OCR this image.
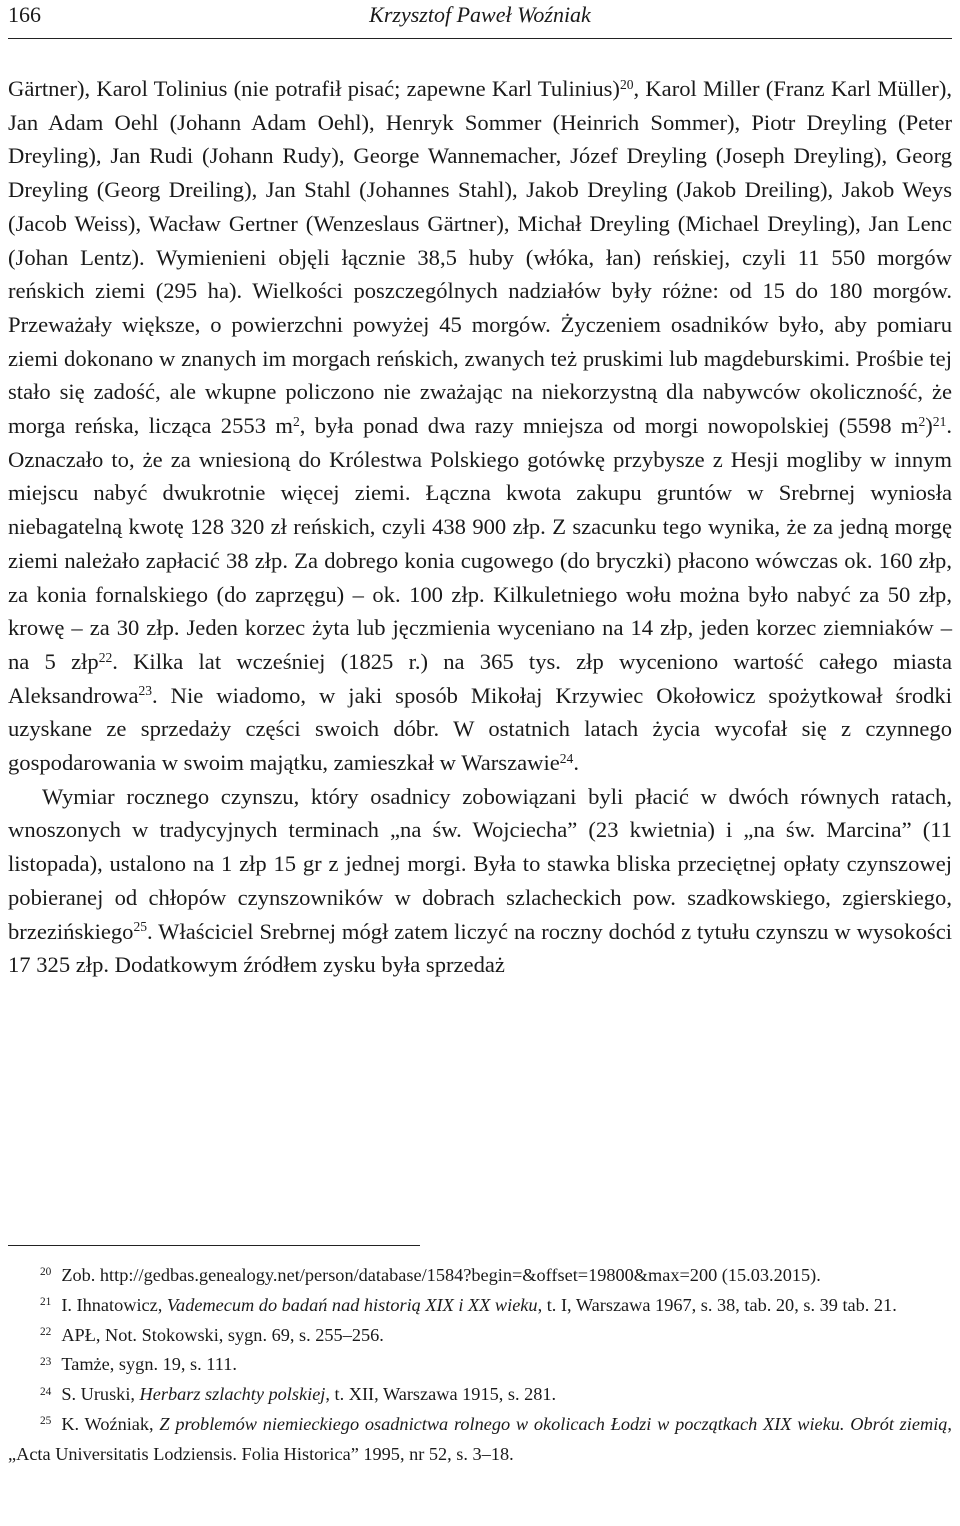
166	Krzysztof Paweł Woźniak

Gärtner), Karol Tolinius (nie potrafił pisać; zapewne Karl Tulinius)$^{20}$, Karol Miller (Franz Karl Müller), Jan Adam Oehl (Johann Adam Oehl), Henryk Sommer (Heinrich Sommer), Piotr Dreyling (Peter Dreyling), Jan Rudi (Johann Rudy), George Wannemacher, Józef Dreyling (Joseph Dreyling), Georg Dreyling (Georg Dreiling), Jan Stahl (Johannes Stahl), Jakob Dreyling (Jakob Dreiling), Jakob Weys (Jacob Weiss), Wacław Gertner (Wenzeslaus Gärtner), Michał Dreyling (Michael Dreyling), Jan Lenc (Johan Lentz). Wymienieni objęli łącznie 38,5 huby (włóka, łan) reńskiej, czyli 11 550 morgów reńskich ziemi (295 ha). Wielkości poszczególnych nadziałów były różne: od 15 do 180 morgów. Przeważały większe, o powierzchni powyżej 45 morgów. Życzeniem osadników było, aby pomiaru ziemi dokonano w znanych im morgach reńskich, zwanych też pruskimi lub magdeburskimi. Prośbie tej stało się zadość, ale wkupne policzono nie zważając na niekorzystną dla nabywców okoliczność, że morga reńska, licząca 2553 $m^2$, była ponad dwa razy mniejsza od morgi nowopolskiej (5598 $m^2)^{21}$. Oznaczało to, że za wniesioną do Królestwa Polskiego gotówkę przybysze z Hesji mogliby w innym miejscu nabyć dwukrotnie więcej ziemi. Łączna kwota zakupu gruntów w Srebrnej wyniosła niebagatelną kwotę 128 320 zł reńskich, czyli 438 900 złp. Z szacunku tego wynika, że za jedną morgę ziemi należało zapłacić 38 złp. Za dobrego konia cugowego (do bryczki) płacono wówczas ok. 160 złp, za konia fornalskiego (do zaprzęgu) – ok. 100 złp. Kilkuletniego wołu można było nabyć za 50 złp, krowę – za 30 złp. Jeden korzec żyta lub jęczmienia wyceniano na 14 złp, jeden korzec ziemniaków – na 5 złp$^{22}$. Kilka lat wcześniej (1825 r.) na 365 tys. złp wyceniono wartość całego miasta Aleksandrowa$^{23}$. Nie wiadomo, w jaki sposób Mikołaj Krzywiec Okołowicz spożytkował środki uzyskane ze sprzedaży części swoich dóbr. W ostatnich latach życia wycofał się z czynnego gospodarowania w swoim majątku, zamieszkał w Warszawie$^{24}$.

Wymiar rocznego czynszu, który osadnicy zobowiązani byli płacić w dwóch równych ratach, wnoszonych w tradycyjnych terminach „na św. Wojciecha” (23 kwietnia) i „na św. Marcina” (11 listopada), ustalono na 1 złp 15 gr z jednej morgi. Była to stawka bliska przeciętnej opłaty czynszowej pobieranej od chłopów czynszowników w dobrach szlacheckich pow. szadkowskiego, zgierskiego, brzezińskiego$^{25}$. Właściciel Srebrnej mógł zatem liczyć na roczny dochód z tytułu czynszu w wysokości 17 325 złp. Dodatkowym źródłem zysku była sprzedaż

$^{20}$ Zob. http://gedbas.genealogy.net/person/database/1584?begin=&offset=19800&max=200 (15.03.2015).

$^{21}$ I. Ihnatowicz, Vademecum do badań nad historią XIX i XX wieku, t. I, Warszawa 1967, s. 38, tab. 20, s. 39 tab. 21.

$^{22}$ APŁ, Not. Stokowski, sygn. 69, s. 255–256.

$^{23}$ Tamże, sygn. 19, s. 111.

$^{24}$ S. Uruski, Herbarz szlachty polskiej, t. XII, Warszawa 1915, s. 281.

$^{25}$ K. Woźniak, Z problemów niemieckiego osadnictwa rolnego w okolicach Łodzi w początkach XIX wieku. Obrót ziemią, „Acta Universitatis Lodziensis. Folia Historica” 1995, nr 52, s. 3–18.
